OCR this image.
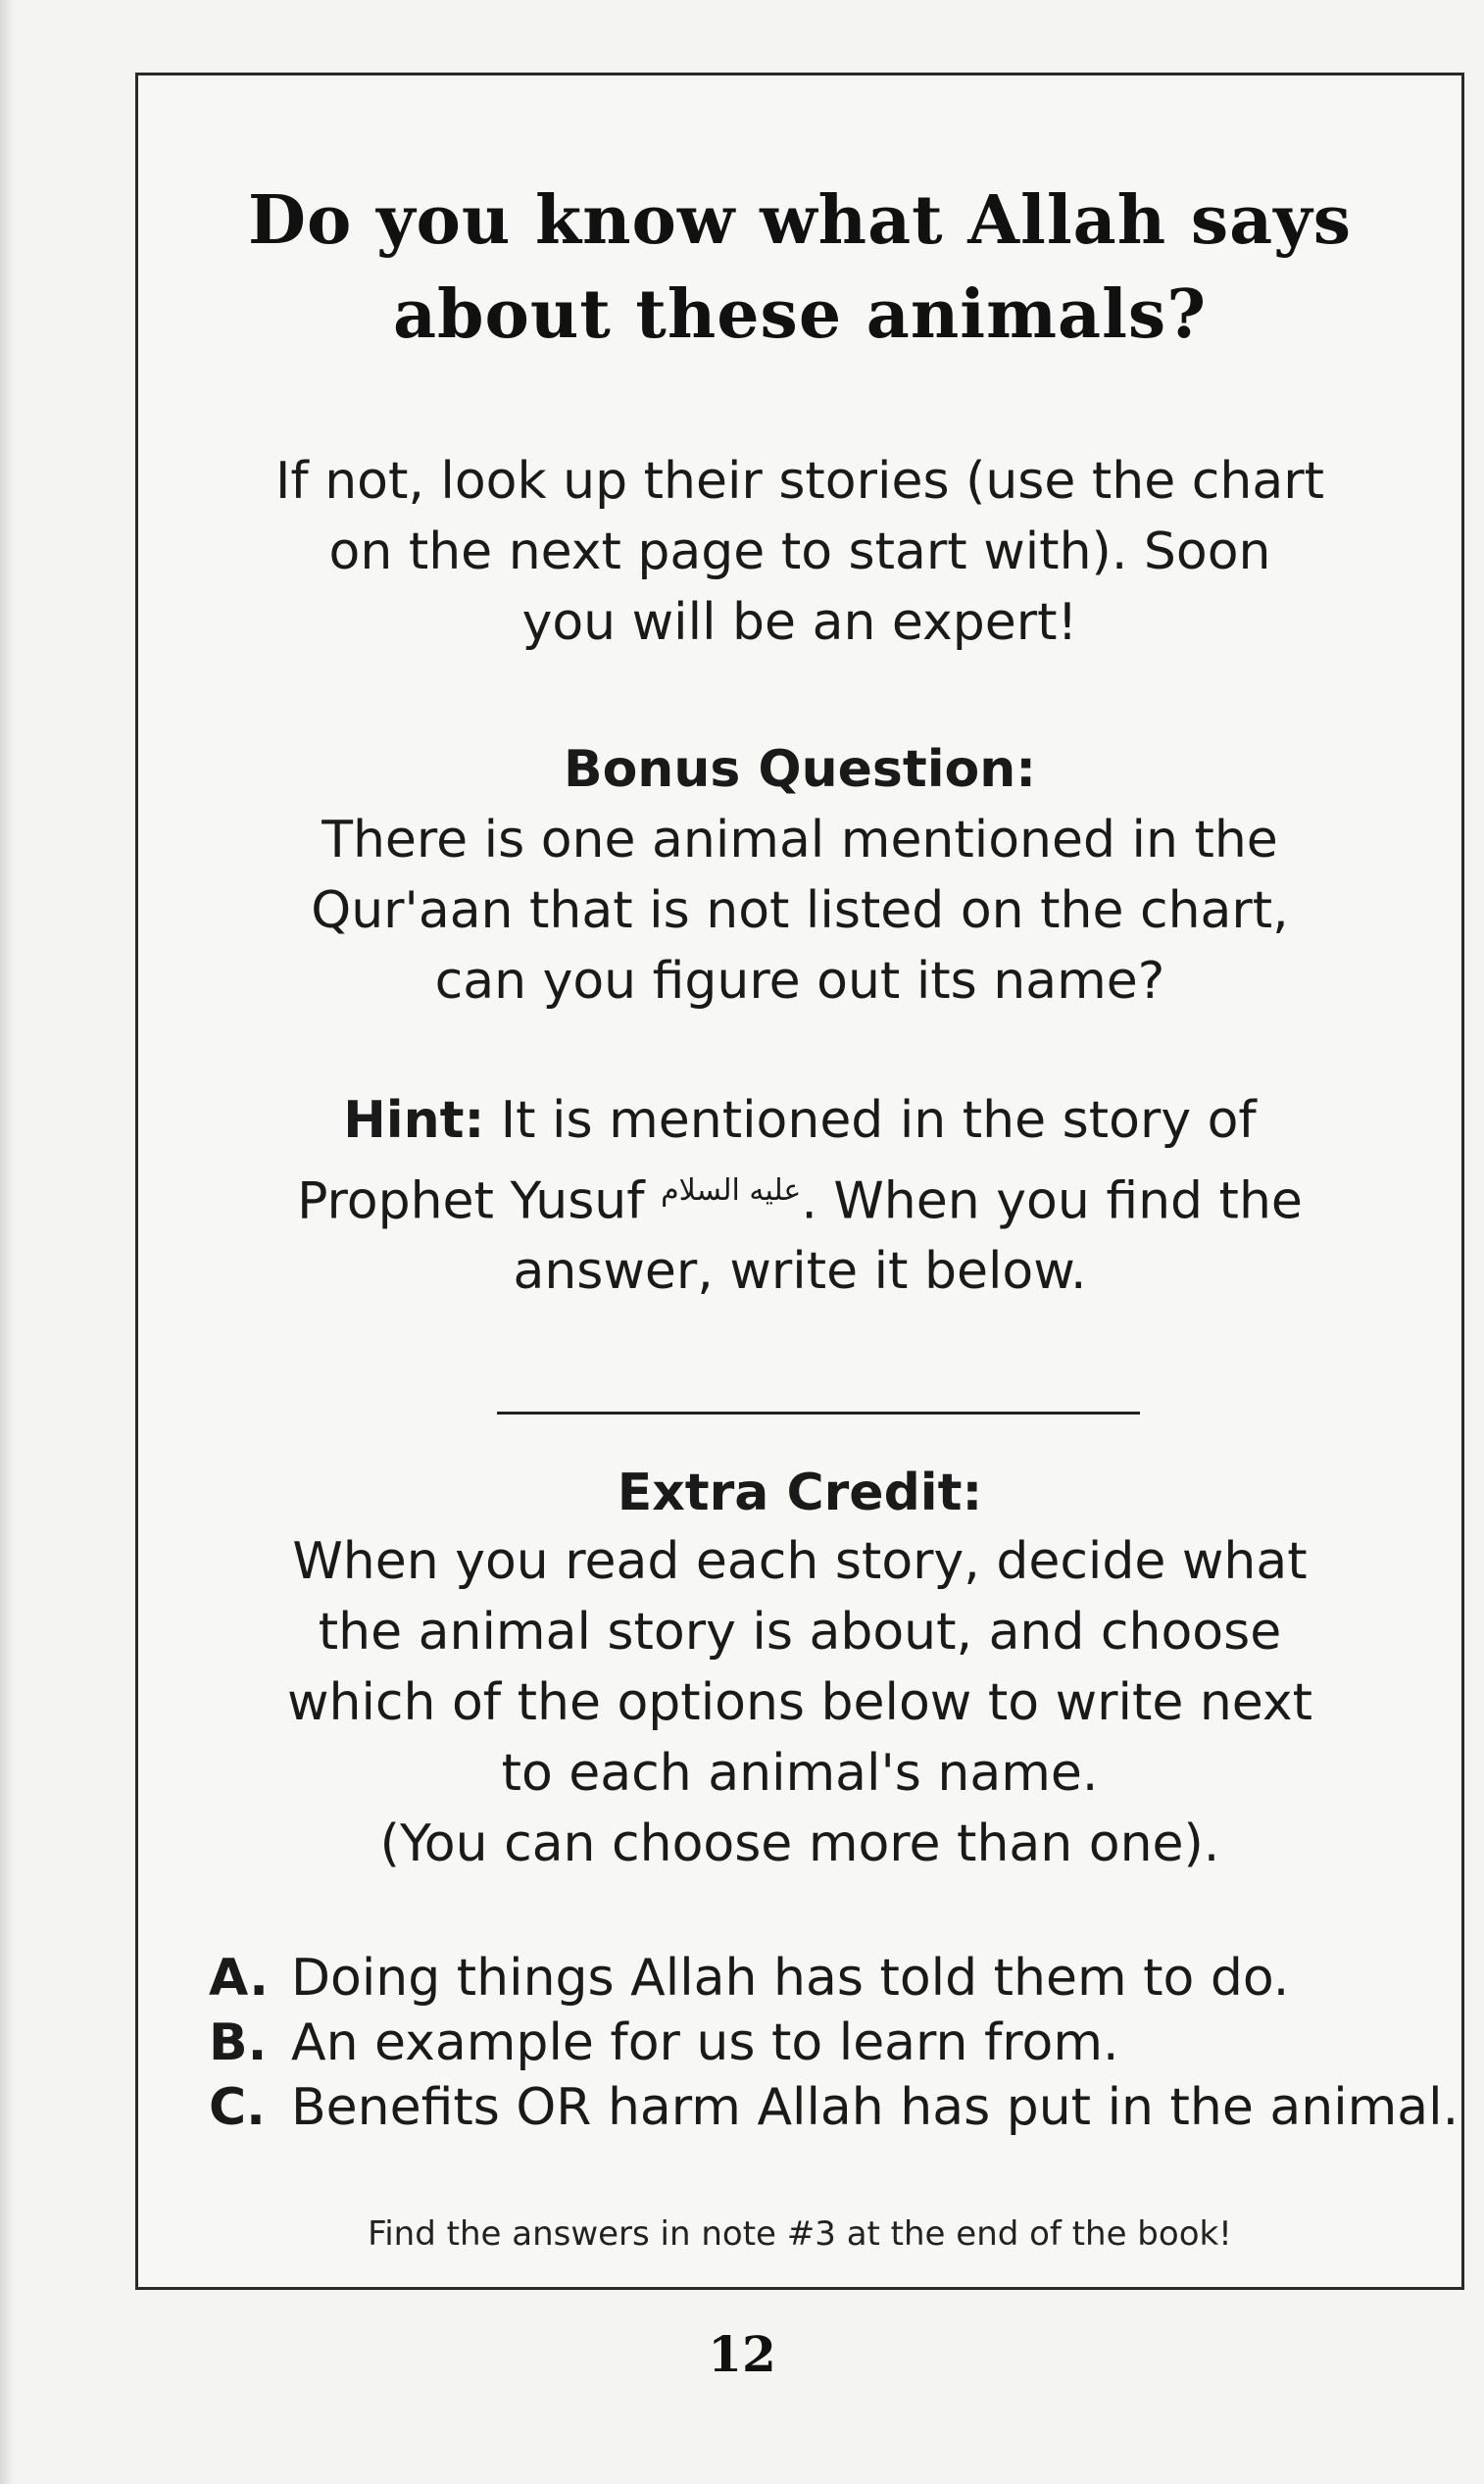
Do you know what Allah says
about these animals?
If not, look up their stories (use the chart
on the next page to start with). Soon
you will be an expert!
Bonus Question:
There is one animal mentioned in the
Qur'aan that is not listed on the chart,
can you figure out its name?
Hint: It is mentioned in the story of
Prophet Yusuf $^{عليه السلام}$. When you find the
answer, write it below.
Extra Credit:
When you read each story, decide what
the animal story is about, and choose
which of the options below to write next
to each animal's name.
(You can choose more than one).
A. Doing things Allah has told them to do.
B. An example for us to learn from.
C. Benefits OR harm Allah has put in the animal.
Find the answers in note #3 at the end of the book!
12
